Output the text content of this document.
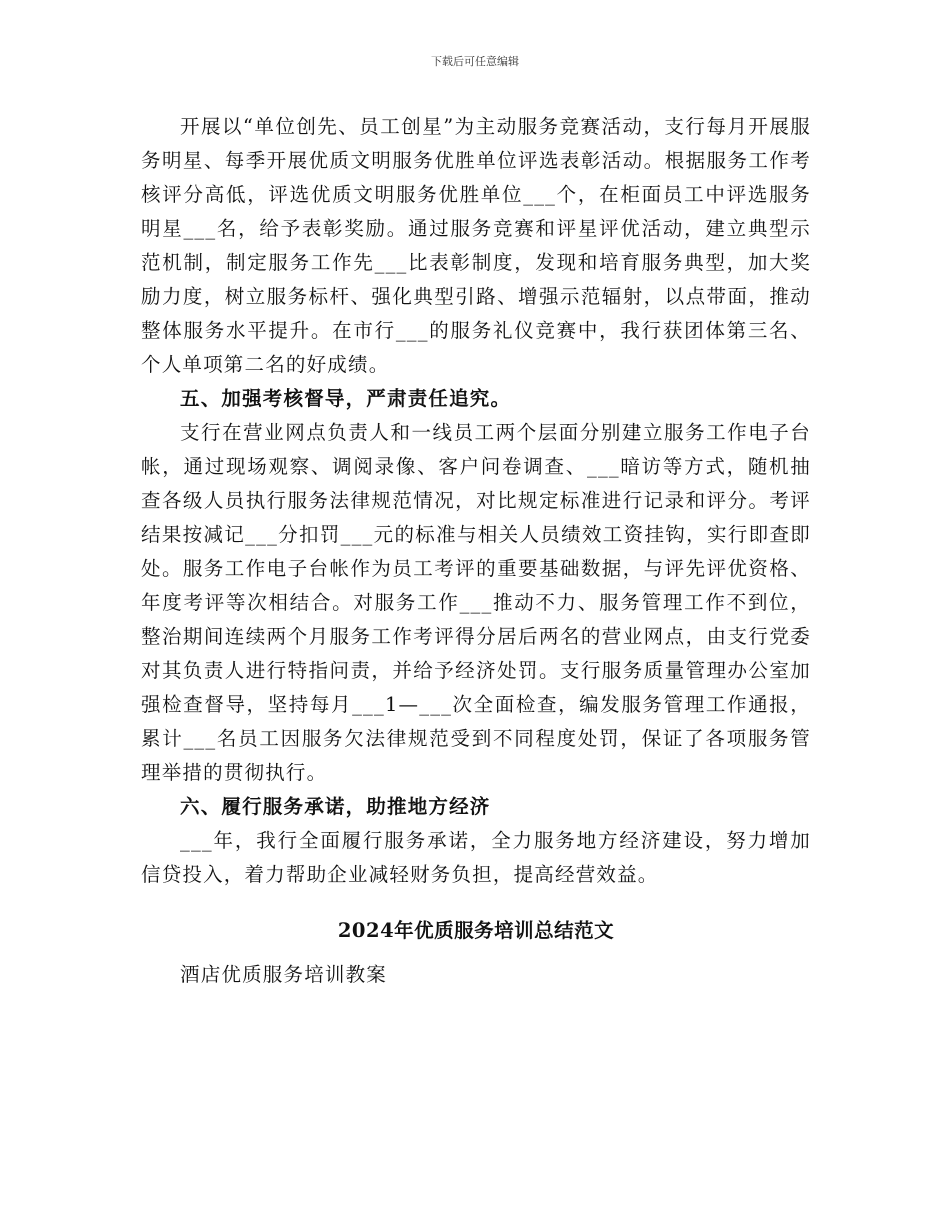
下载后可任意编辑

开展以“单位创先、员工创星”为主动服务竞赛活动，支行每月开展服务明星、每季开展优质文明服务优胜单位评选表彰活动。根据服务工作考核评分高低，评选优质文明服务优胜单位___个，在柜面员工中评选服务明星___名，给予表彰奖励。通过服务竞赛和评星评优活动，建立典型示范机制，制定服务工作先___比表彰制度，发现和培育服务典型，加大奖励力度，树立服务标杆、强化典型引路、增强示范辐射，以点带面，推动整体服务水平提升。在市行___的服务礼仪竞赛中，我行获团体第三名、个人单项第二名的好成绩。

五、加强考核督导，严肃责任追究。

支行在营业网点负责人和一线员工两个层面分别建立服务工作电子台帐，通过现场观察、调阅录像、客户问卷调查、___暗访等方式，随机抽查各级人员执行服务法律规范情况，对比规定标准进行记录和评分。考评结果按减记___分扣罚___元的标准与相关人员绩效工资挂钩，实行即查即处。服务工作电子台帐作为员工考评的重要基础数据，与评先评优资格、年度考评等次相结合。对服务工作___推动不力、服务管理工作不到位，整治期间连续两个月服务工作考评得分居后两名的营业网点，由支行党委对其负责人进行特指问责，并给予经济处罚。支行服务质量管理办公室加强检查督导，坚持每月___1—___次全面检查，编发服务管理工作通报，累计___名员工因服务欠法律规范受到不同程度处罚，保证了各项服务管理举措的贯彻执行。

六、履行服务承诺，助推地方经济

___年，我行全面履行服务承诺，全力服务地方经济建设，努力增加信贷投入，着力帮助企业减轻财务负担，提高经营效益。

2024年优质服务培训总结范文

酒店优质服务培训教案
